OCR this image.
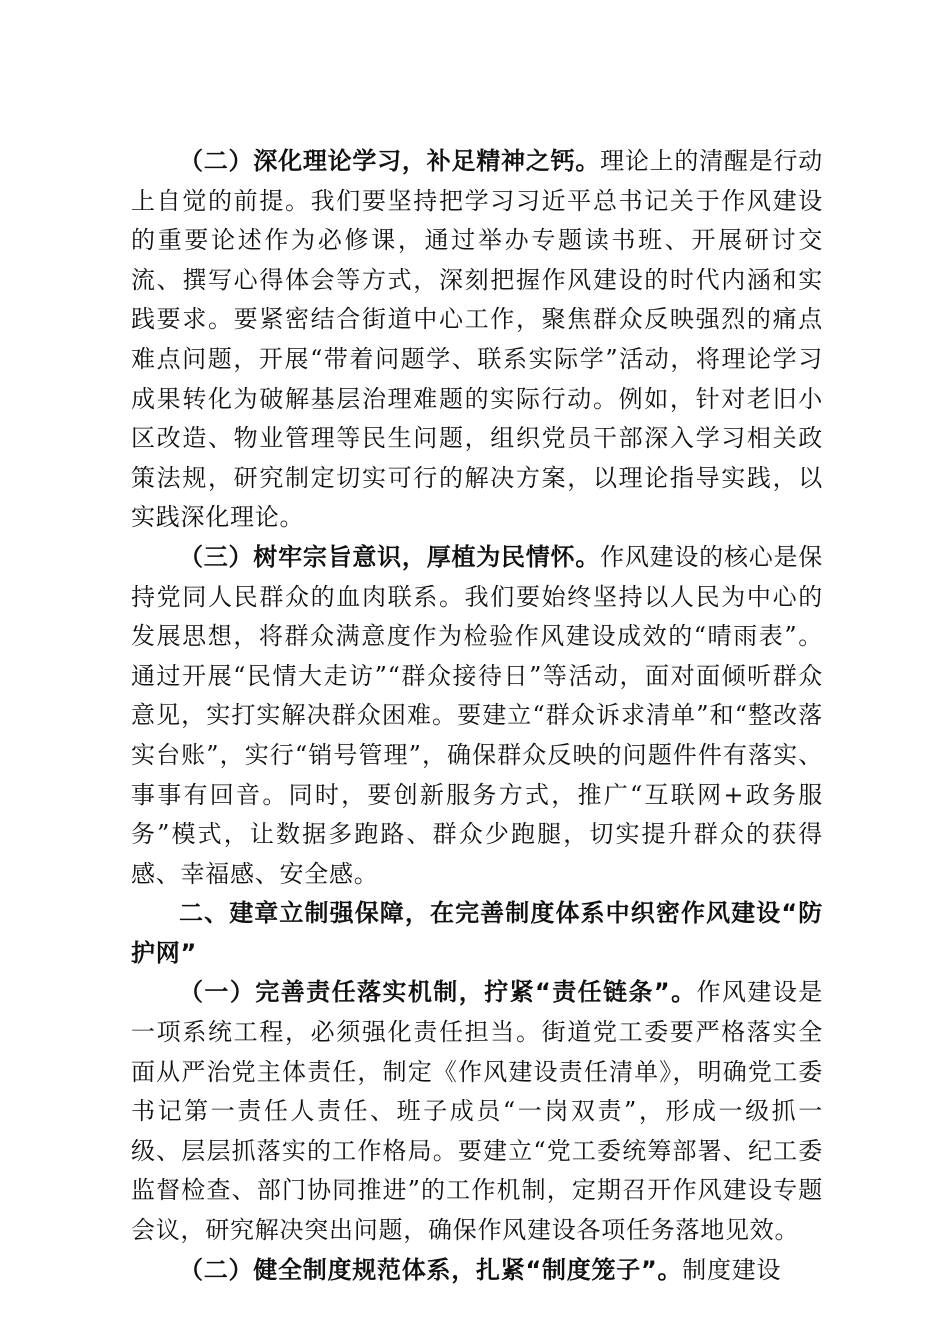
（二）深化理论学习，补足精神之钙。理论上的清醒是行动上自觉的前提。我们要坚持把学习习近平总书记关于作风建设的重要论述作为必修课，通过举办专题读书班、开展研讨交流、撰写心得体会等方式，深刻把握作风建设的时代内涵和实践要求。要紧密结合街道中心工作，聚焦群众反映强烈的痛点难点问题，开展“带着问题学、联系实际学”活动，将理论学习成果转化为破解基层治理难题的实际行动。例如，针对老旧小区改造、物业管理等民生问题，组织党员干部深入学习相关政策法规，研究制定切实可行的解决方案，以理论指导实践，以实践深化理论。

（三）树牢宗旨意识，厚植为民情怀。作风建设的核心是保持党同人民群众的血肉联系。我们要始终坚持以人民为中心的发展思想，将群众满意度作为检验作风建设成效的“晴雨表”。通过开展“民情大走访”“群众接待日”等活动，面对面倾听群众意见，实打实解决群众困难。要建立“群众诉求清单”和“整改落实台账”，实行“销号管理”，确保群众反映的问题件件有落实、事事有回音。同时，要创新服务方式，推广“互联网+政务服务”模式，让数据多跑路、群众少跑腿，切实提升群众的获得感、幸福感、安全感。

二、建章立制强保障，在完善制度体系中织密作风建设“防护网”

（一）完善责任落实机制，拧紧“责任链条”。作风建设是一项系统工程，必须强化责任担当。街道党工委要严格落实全面从严治党主体责任，制定《作风建设责任清单》，明确党工委书记第一责任人责任、班子成员“一岗双责”，形成一级抓一级、层层抓落实的工作格局。要建立“党工委统筹部署、纪工委监督检查、部门协同推进”的工作机制，定期召开作风建设专题会议，研究解决突出问题，确保作风建设各项任务落地见效。

（二）健全制度规范体系，扎紧“制度笼子”。制度建设
